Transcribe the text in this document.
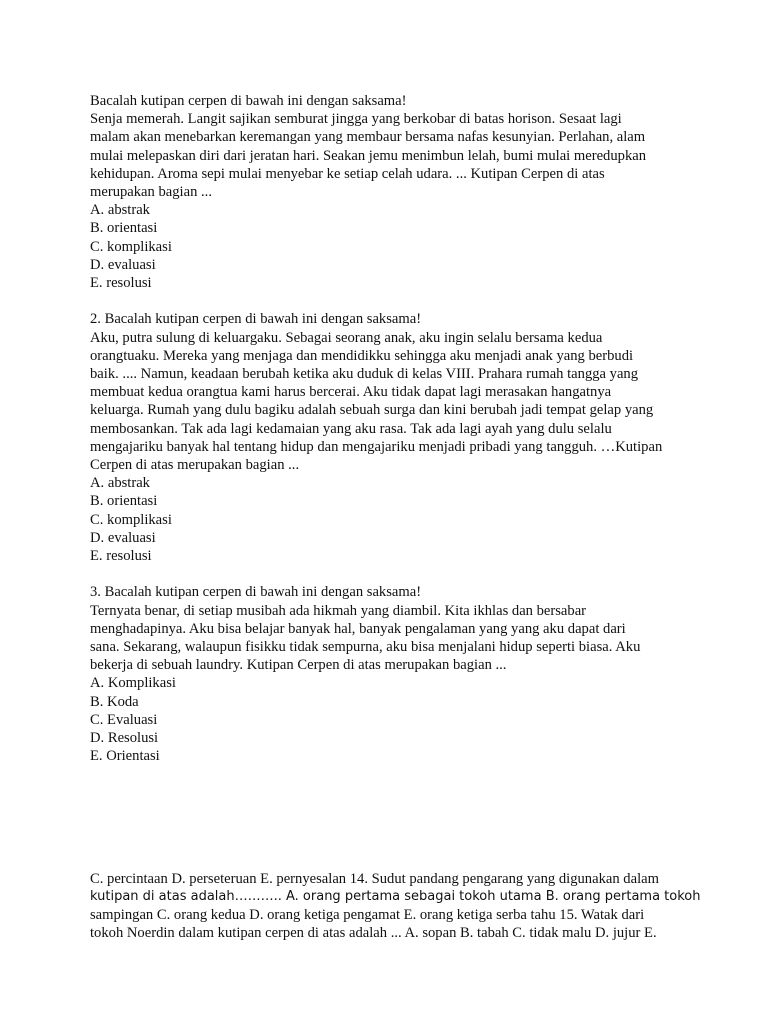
Bacalah kutipan cerpen di bawah ini dengan saksama!
Senja memerah. Langit sajikan semburat jingga yang berkobar di batas horison. Sesaat lagi
malam akan menebarkan keremangan yang membaur bersama nafas kesunyian. Perlahan, alam
mulai melepaskan diri dari jeratan hari. Seakan jemu menimbun lelah, bumi mulai meredupkan
kehidupan. Aroma sepi mulai menyebar ke setiap celah udara. ... Kutipan Cerpen di atas
merupakan bagian ...
A. abstrak
B. orientasi
C. komplikasi
D. evaluasi
E. resolusi
2. Bacalah kutipan cerpen di bawah ini dengan saksama!
Aku, putra sulung di keluargaku. Sebagai seorang anak, aku ingin selalu bersama kedua
orangtuaku. Mereka yang menjaga dan mendidikku sehingga aku menjadi anak yang berbudi
baik. .... Namun, keadaan berubah ketika aku duduk di kelas VIII. Prahara rumah tangga yang
membuat kedua orangtua kami harus bercerai. Aku tidak dapat lagi merasakan hangatnya
keluarga. Rumah yang dulu bagiku adalah sebuah surga dan kini berubah jadi tempat gelap yang
membosankan. Tak ada lagi kedamaian yang aku rasa. Tak ada lagi ayah yang dulu selalu
mengajariku banyak hal tentang hidup dan mengajariku menjadi pribadi yang tangguh. …Kutipan
Cerpen di atas merupakan bagian ...
A. abstrak
B. orientasi
C. komplikasi
D. evaluasi
E. resolusi
3. Bacalah kutipan cerpen di bawah ini dengan saksama!
Ternyata benar, di setiap musibah ada hikmah yang diambil. Kita ikhlas dan bersabar
menghadapinya. Aku bisa belajar banyak hal, banyak pengalaman yang yang aku dapat dari
sana. Sekarang, walaupun fisikku tidak sempurna, aku bisa menjalani hidup seperti biasa. Aku
bekerja di sebuah laundry. Kutipan Cerpen di atas merupakan bagian ...
A. Komplikasi
B. Koda
C. Evaluasi
D. Resolusi
E. Orientasi
C. percintaan D. perseteruan E. pernyesalan 14. Sudut pandang pengarang yang digunakan dalam
kutipan di atas adalah……….. A. orang pertama sebagai tokoh utama B. orang pertama tokoh
sampingan C. orang kedua D. orang ketiga pengamat E. orang ketiga serba tahu 15. Watak dari
tokoh Noerdin dalam kutipan cerpen di atas adalah ... A. sopan B. tabah C. tidak malu D. jujur E.
